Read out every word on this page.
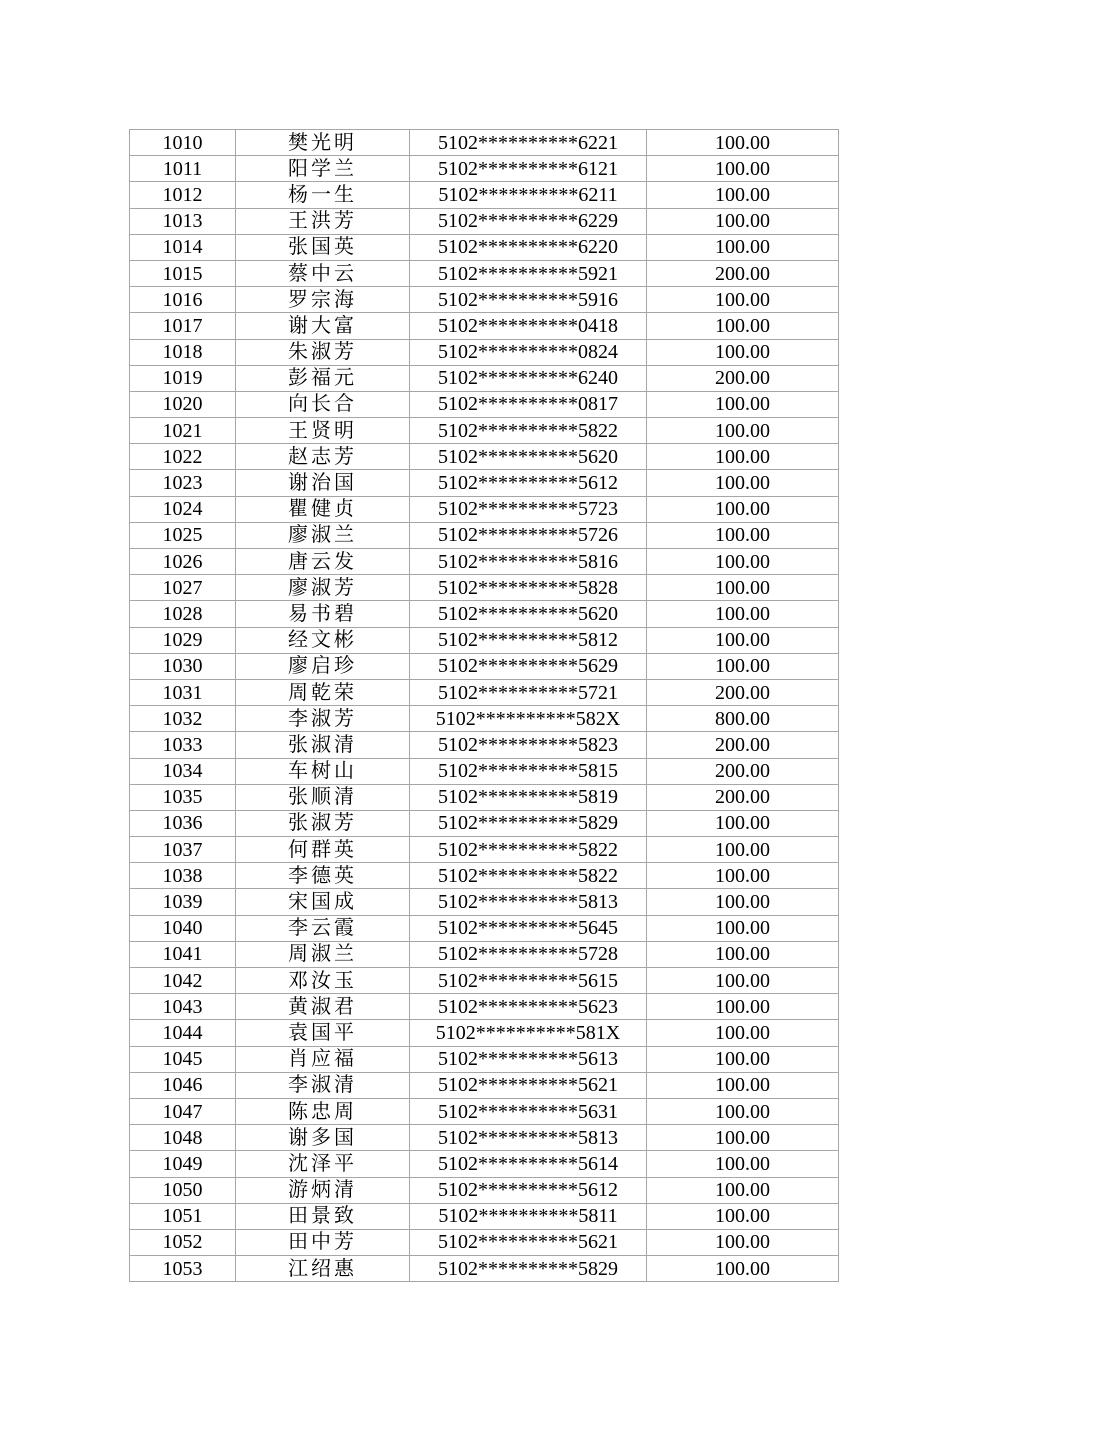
1010	樊光明	5102**********6221	100.00
1011	阳学兰	5102**********6121	100.00
1012	杨一生	5102**********6211	100.00
1013	王洪芳	5102**********6229	100.00
1014	张国英	5102**********6220	100.00
1015	蔡中云	5102**********5921	200.00
1016	罗宗海	5102**********5916	100.00
1017	谢大富	5102**********0418	100.00
1018	朱淑芳	5102**********0824	100.00
1019	彭福元	5102**********6240	200.00
1020	向长合	5102**********0817	100.00
1021	王贤明	5102**********5822	100.00
1022	赵志芳	5102**********5620	100.00
1023	谢治国	5102**********5612	100.00
1024	瞿健贞	5102**********5723	100.00
1025	廖淑兰	5102**********5726	100.00
1026	唐云发	5102**********5816	100.00
1027	廖淑芳	5102**********5828	100.00
1028	易书碧	5102**********5620	100.00
1029	经文彬	5102**********5812	100.00
1030	廖启珍	5102**********5629	100.00
1031	周乾荣	5102**********5721	200.00
1032	李淑芳	5102**********582X	800.00
1033	张淑清	5102**********5823	200.00
1034	车树山	5102**********5815	200.00
1035	张顺清	5102**********5819	200.00
1036	张淑芳	5102**********5829	100.00
1037	何群英	5102**********5822	100.00
1038	李德英	5102**********5822	100.00
1039	宋国成	5102**********5813	100.00
1040	李云霞	5102**********5645	100.00
1041	周淑兰	5102**********5728	100.00
1042	邓汝玉	5102**********5615	100.00
1043	黄淑君	5102**********5623	100.00
1044	袁国平	5102**********581X	100.00
1045	肖应福	5102**********5613	100.00
1046	李淑清	5102**********5621	100.00
1047	陈忠周	5102**********5631	100.00
1048	谢多国	5102**********5813	100.00
1049	沈泽平	5102**********5614	100.00
1050	游炳清	5102**********5612	100.00
1051	田景致	5102**********5811	100.00
1052	田中芳	5102**********5621	100.00
1053	江绍惠	5102**********5829	100.00
